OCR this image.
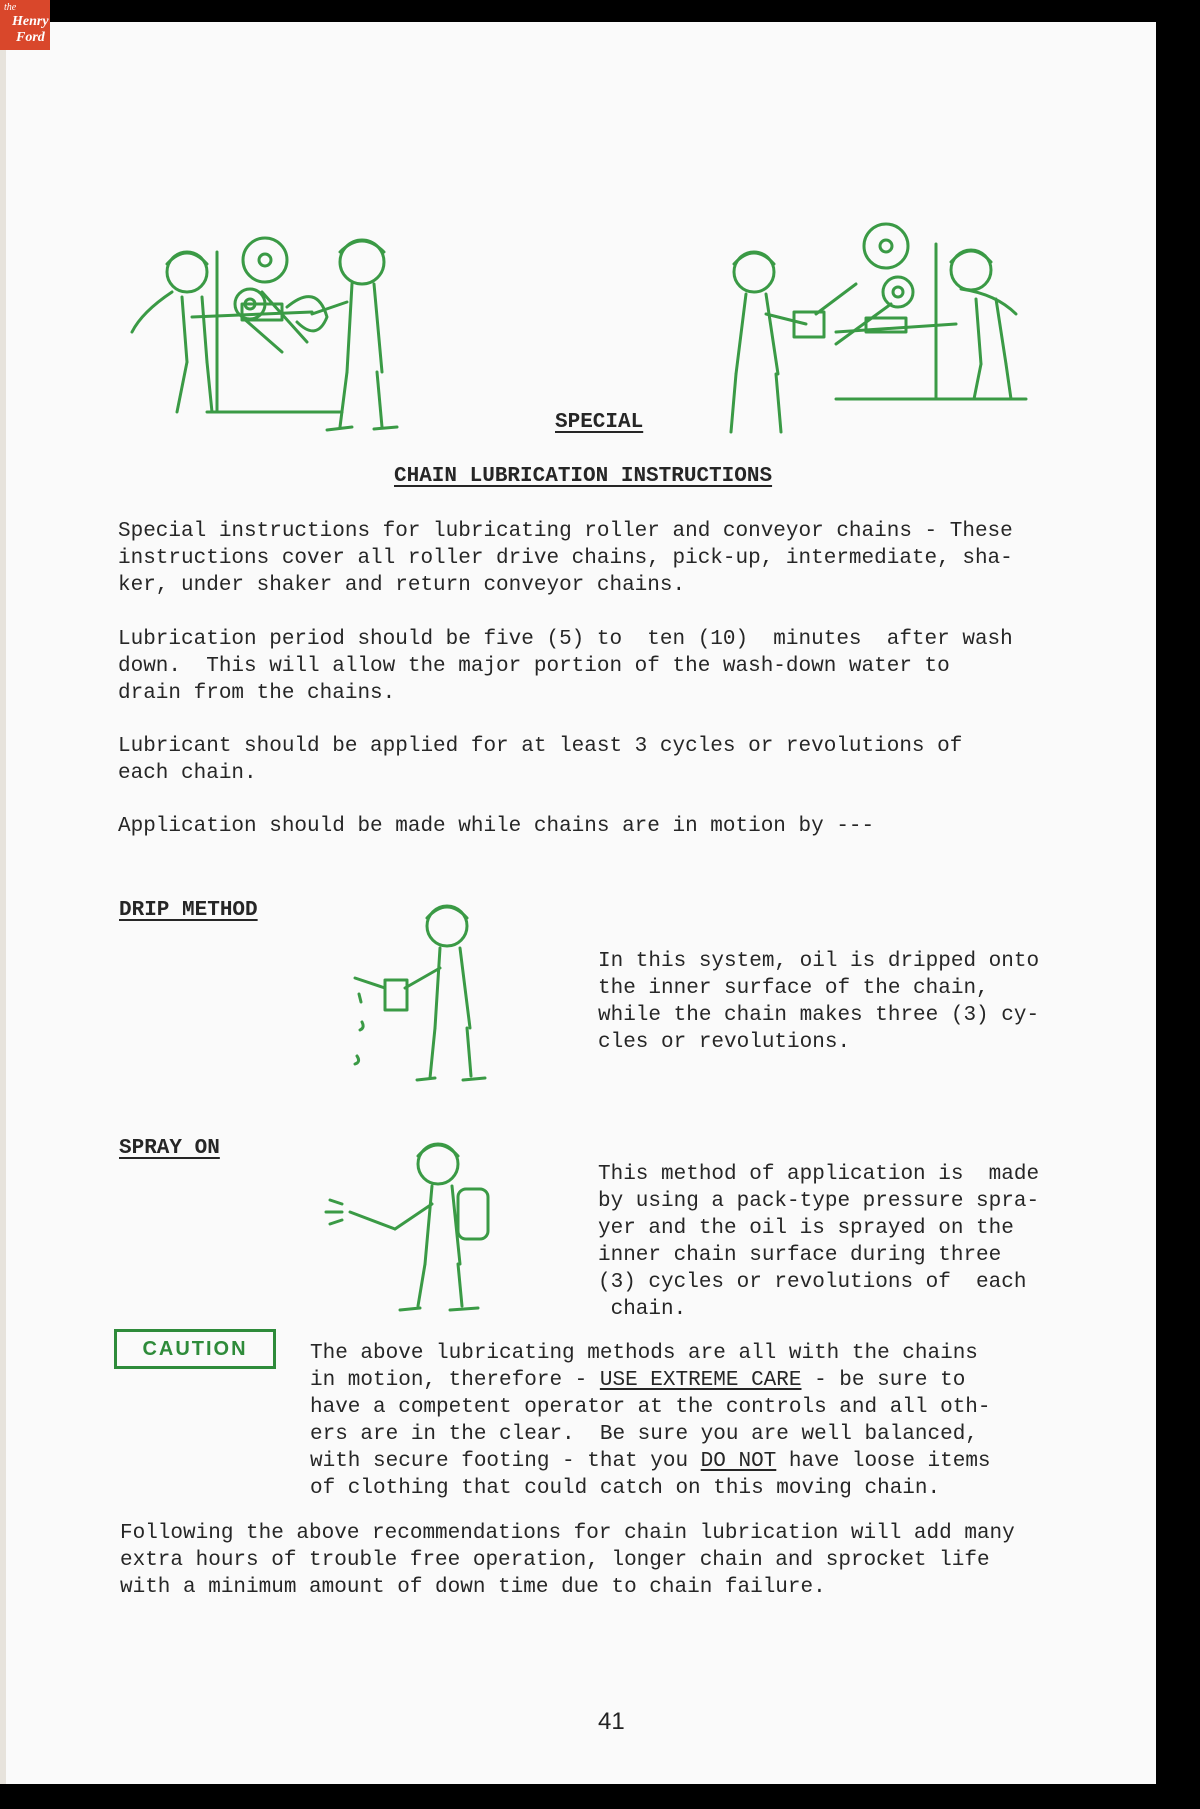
the
Henry
Ford
SPECIAL
CHAIN LUBRICATION INSTRUCTIONS

Special instructions for lubricating roller and conveyor chains - These

instructions cover all roller drive chains, pick-up, intermediate, sha-

ker, under shaker and return conveyor chains.

Lubrication period should be five (5) to  ten (10)  minutes  after wash

down.  This will allow the major portion of the wash-down water to

drain from the chains.

Lubricant should be applied for at least 3 cycles or revolutions of

each chain.

Application should be made while chains are in motion by ---

DRIP METHOD

In this system, oil is dripped onto

the inner surface of the chain,

while the chain makes three (3) cy-

cles or revolutions.

SPRAY ON

This method of application is  made

by using a pack-type pressure spra-

yer and the oil is sprayed on the

inner chain surface during three

(3) cycles or revolutions of  each

chain.

CAUTION	The above lubricating methods are all with the chains

in motion, therefore - USE EXTREME CARE - be sure to

have a competent operator at the controls and all oth-

ers are in the clear.  Be sure you are well balanced,

with secure footing - that you DO NOT have loose items

of clothing that could catch on this moving chain.

Following the above recommendations for chain lubrication will add many

extra hours of trouble free operation, longer chain and sprocket life

with a minimum amount of down time due to chain failure.

41
